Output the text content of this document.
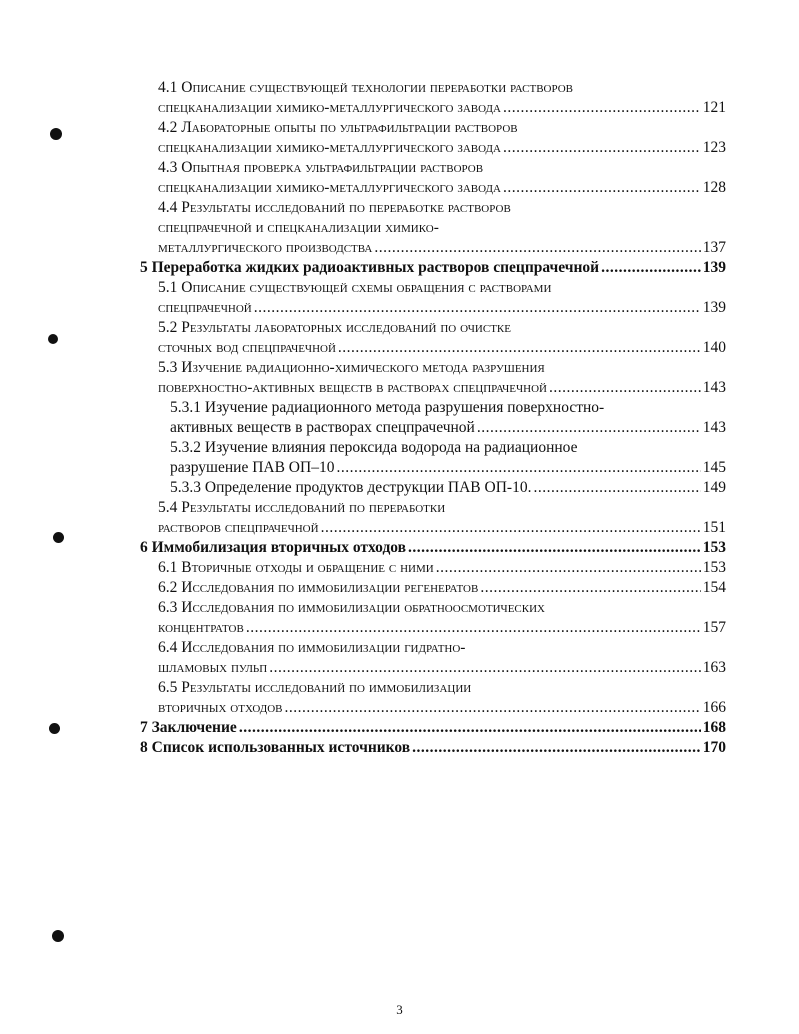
4.1 Описание существующей технологии переработки растворов
спецканализации химико-металлургического завода .....	121
4.2 Лабораторные опыты по ультрафильтрации растворов
спецканализации химико-металлургического завода .....	123
4.3 Опытная проверка ультрафильтрации растворов
спецканализации химико-металлургического завода .....	128
4.4 Результаты исследований по переработке растворов
спецпрачечной и спецканализации химико-
металлургического производства .....	137
5 Переработка жидких радиоактивных растворов спецпрачечной .....	139
5.1 Описание существующей схемы обращения с растворами
спецпрачечной .....	139
5.2 Результаты лабораторных исследований по очистке
сточных вод спецпрачечной .....	140
5.3 Изучение радиационно-химического метода разрушения
поверхностно-активных веществ в растворах спецпрачечной .....	143
5.3.1 Изучение радиационного метода разрушения поверхностно-
активных веществ в растворах спецпрачечной .....	143
5.3.2 Изучение влияния пероксида водорода на радиационное
разрушение ПАВ ОП–10 .....	145
5.3.3 Определение продуктов деструкции ПАВ ОП-10. .....	149
5.4 Результаты исследований по переработки
растворов спецпрачечной .....	151
6 Иммобилизация вторичных отходов .....	153
6.1 Вторичные отходы и обращение с ними .....	153
6.2 Исследования по иммобилизации регенератов .....	154
6.3 Исследования по иммобилизации обратноосмотических
концентратов .....	157
6.4 Исследования по иммобилизации гидратно-
шламовых пульп .....	163
6.5 Результаты исследований по иммобилизации
вторичных отходов .....	166
7 Заключение .....	168
8 Список использованных источников .....	170
3
